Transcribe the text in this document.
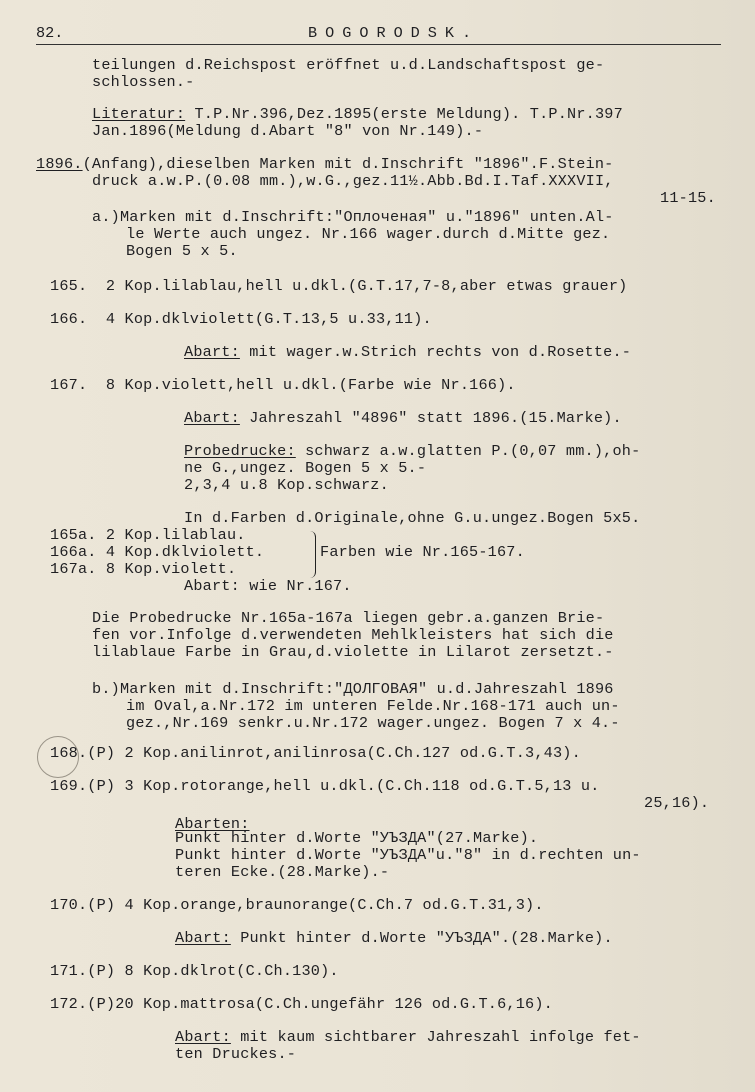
82.	BOGORODSK.
teilungen d.Reichspost eröffnet u.d.Landschaftspost ge-
schlossen.-
Literatur: T.P.Nr.396,Dez.1895(erste Meldung). T.P.Nr.397
Jan.1896(Meldung d.Abart "8" von Nr.149).-
1896.(Anfang),dieselben Marken mit d.Inschrift "1896".F.Stein-
druck a.w.P.(0.08 mm.),w.G.,gez.11½.Abb.Bd.I.Taf.XXXVII,
11-15.
a.)Marken mit d.Inschrift:"Оплоченая" u."1896" unten.Al-
le Werte auch ungez. Nr.166 wager.durch d.Mitte gez.
Bogen 5 x 5.
165.  2 Kop.lilablau,hell u.dkl.(G.T.17,7-8,aber etwas grauer)
166.  4 Kop.dklviolett(G.T.13,5 u.33,11).
Abart: mit wager.w.Strich rechts von d.Rosette.-
167.  8 Kop.violett,hell u.dkl.(Farbe wie Nr.166).
Abart: Jahreszahl "4896" statt 1896.(15.Marke).
Probedrucke: schwarz a.w.glatten P.(0,07 mm.),oh-
ne G.,ungez. Bogen 5 x 5.-
2,3,4 u.8 Kop.schwarz.
In d.Farben d.Originale,ohne G.u.ungez.Bogen 5x5.
165a. 2 Kop.lilablau.
166a. 4 Kop.dklviolett.
167a. 8 Kop.violett.
Farben wie Nr.165-167.
Abart: wie Nr.167.
Die Probedrucke Nr.165a-167a liegen gebr.a.ganzen Brie-
fen vor.Infolge d.verwendeten Mehlkleisters hat sich die
lilablaue Farbe in Grau,d.violette in Lilarot zersetzt.-
b.)Marken mit d.Inschrift:"ДОЛГОВАЯ" u.d.Jahreszahl 1896
im Oval,a.Nr.172 im unteren Felde.Nr.168-171 auch un-
gez.,Nr.169 senkr.u.Nr.172 wager.ungez. Bogen 7 x 4.-
168.(P) 2 Kop.anilinrot,anilinrosa(C.Ch.127 od.G.T.3,43).
169.(P) 3 Kop.rotorange,hell u.dkl.(C.Ch.118 od.G.T.5,13 u.
25,16).
Abarten:
Punkt hinter d.Worte "УЪЗДА"(27.Marke).
Punkt hinter d.Worte "УЪЗДА"u."8" in d.rechten un-
teren Ecke.(28.Marke).-
170.(P) 4 Kop.orange,braunorange(C.Ch.7 od.G.T.31,3).
Abart: Punkt hinter d.Worte "УЪЗДА".(28.Marke).
171.(P) 8 Kop.dklrot(C.Ch.130).
172.(P)20 Kop.mattrosa(C.Ch.ungefähr 126 od.G.T.6,16).
Abart: mit kaum sichtbarer Jahreszahl infolge fet-
ten Druckes.-
